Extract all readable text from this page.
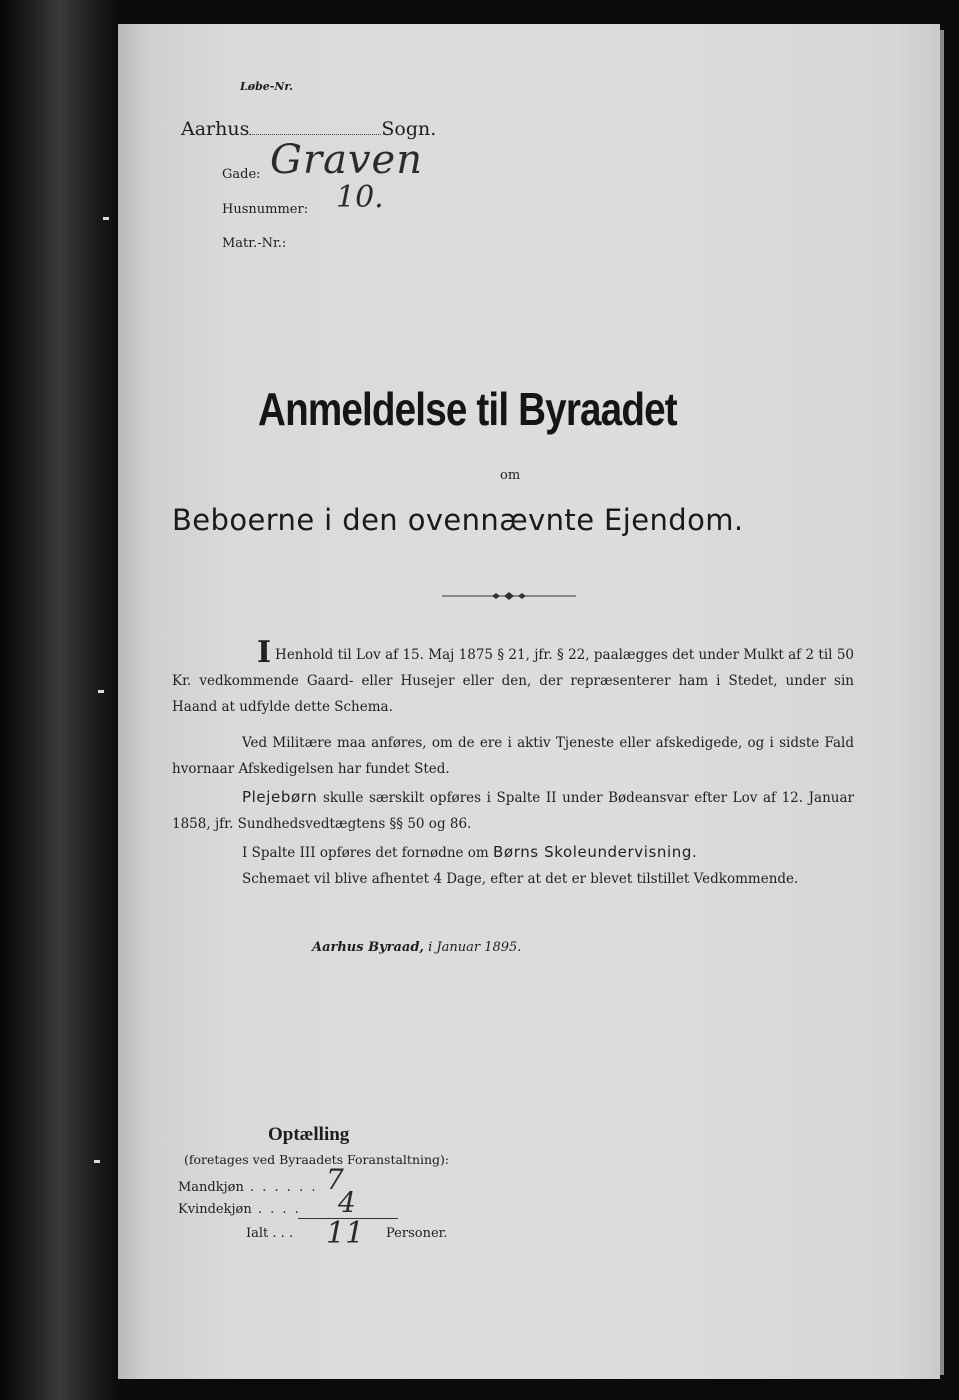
Løbe-Nr.
Aarhus	Sogn.
Gade: Graven
Husnummer: 10.
Matr.-Nr.:
Anmeldelse til Byraadet
om
Beboerne i den ovennævnte Ejendom.
I Henhold til Lov af 15. Maj 1875 § 21, jfr. § 22, paalægges det under Mulkt af 2 til 50 Kr. vedkommende Gaard- eller Husejer eller den, der repræsenterer ham i Stedet, under sin Haand at udfylde dette Schema.
Ved Militære maa anføres, om de ere i aktiv Tjeneste eller afskedigede, og i sidste Fald hvornaar Afskedigelsen har fundet Sted.
Plejebørn skulle særskilt opføres i Spalte II under Bødeansvar efter Lov af 12. Januar 1858, jfr. Sundhedsvedtægtens §§ 50 og 86.
I Spalte III opføres det fornødne om Børns Skoleundervisning.
Schemaet vil blive afhentet 4 Dage, efter at det er blevet tilstillet Vedkommende.
Aarhus Byraad, i Januar 1895.
Optælling
(foretages ved Byraadets Foranstaltning):
Mandkjøn . . . . . . 7
Kvindekjøn . . . . 4
Ialt . . . 11 Personer.
